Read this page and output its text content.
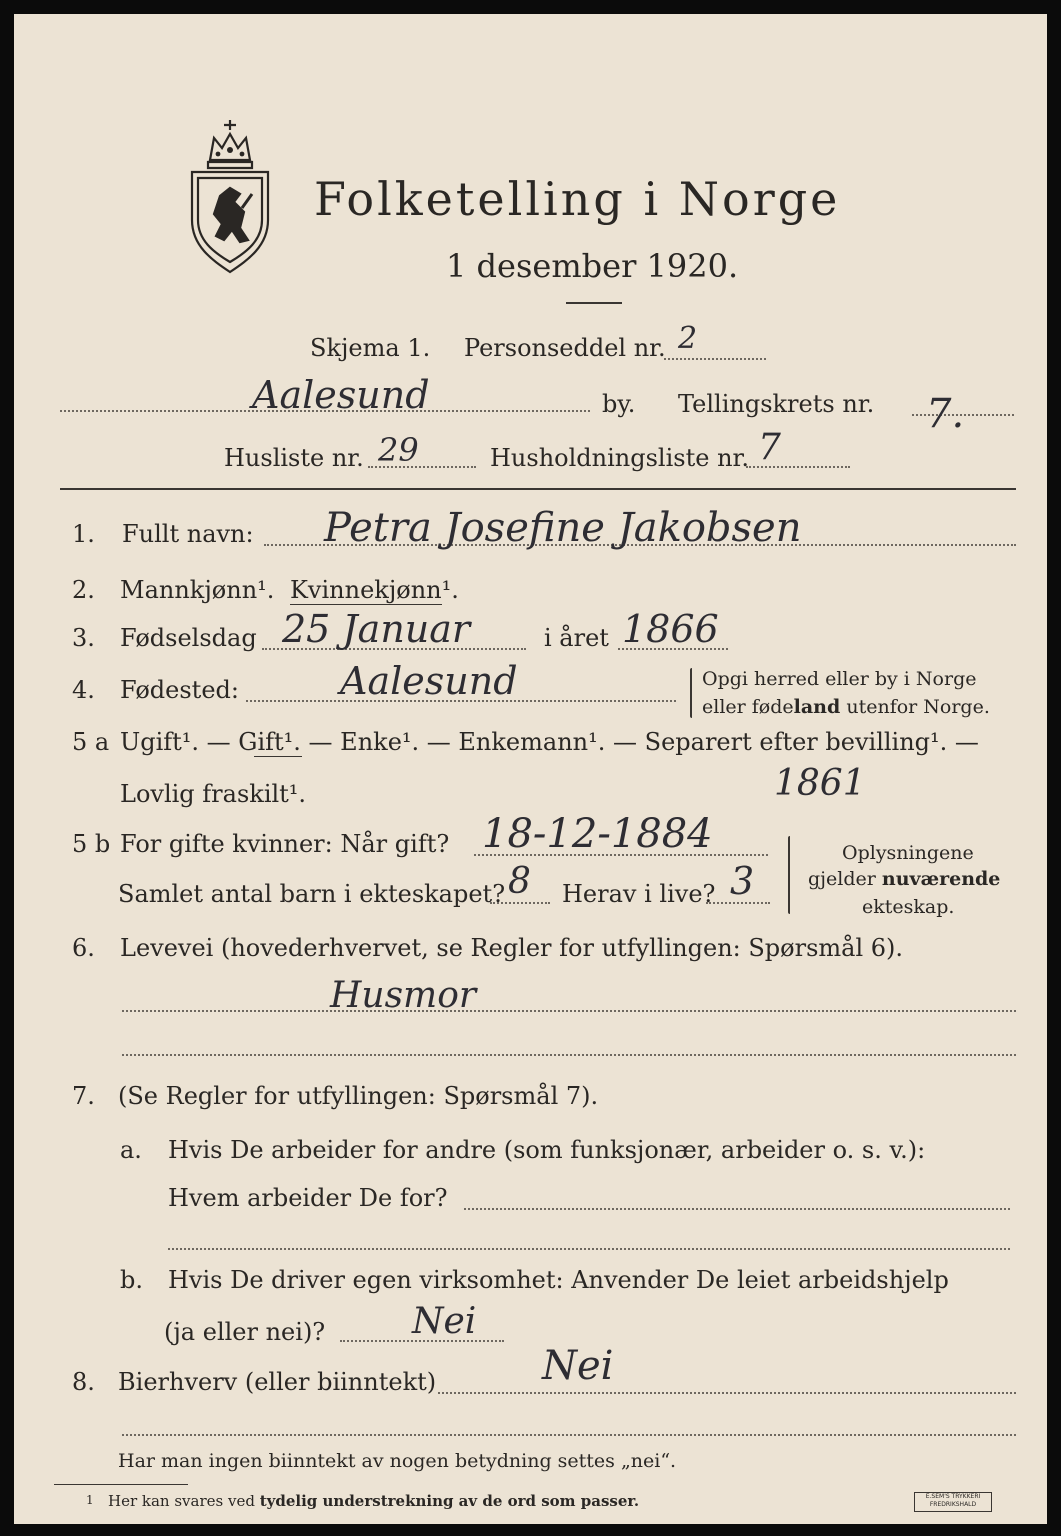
Folketelling i Norge
1 desember 1920.
Skjema 1. Personseddel nr. 2
Aalesund	by. Tellingskrets nr. 7.
Husliste nr. 29	Husholdningsliste nr. 7
1. Fullt navn: Petra Josefine Jakobsen
2. Mannkjønn¹. Kvinnekjønn¹.
3. Fødselsdag 25 Januar	i året 1866
4. Fødested:	Aalesund	Opgi herred eller by i Norge
eller fødeland utenfor Norge.
5 a Ugift¹. — Gift¹. — Enke¹. — Enkemann¹. — Separert efter bevilling¹. —
Lovlig fraskilt¹.	1861
5 b For gifte kvinner: Når gift? 18-12-1884
Samlet antal barn i ekteskapet? 8 Herav i live? 3
Oplysningene
gjelder nuværende
ekteskap.
6. Levevei (hovederhvervet, se Regler for utfyllingen: Spørsmål 6).
Husmor
7. (Se Regler for utfyllingen: Spørsmål 7).
a. Hvis De arbeider for andre (som funksjonær, arbeider o. s. v.):
Hvem arbeider De for?
b. Hvis De driver egen virksomhet: Anvender De leiet arbeidshjelp
(ja eller nei)? Nei
8. Bierhverv (eller biinntekt)	Nei
Har man ingen biinntekt av nogen betydning settes „nei“.
1 Her kan svares ved tydelig understrekning av de ord som passer.	E.SEM'S TRYKKERI
FREDRIKSHALD
